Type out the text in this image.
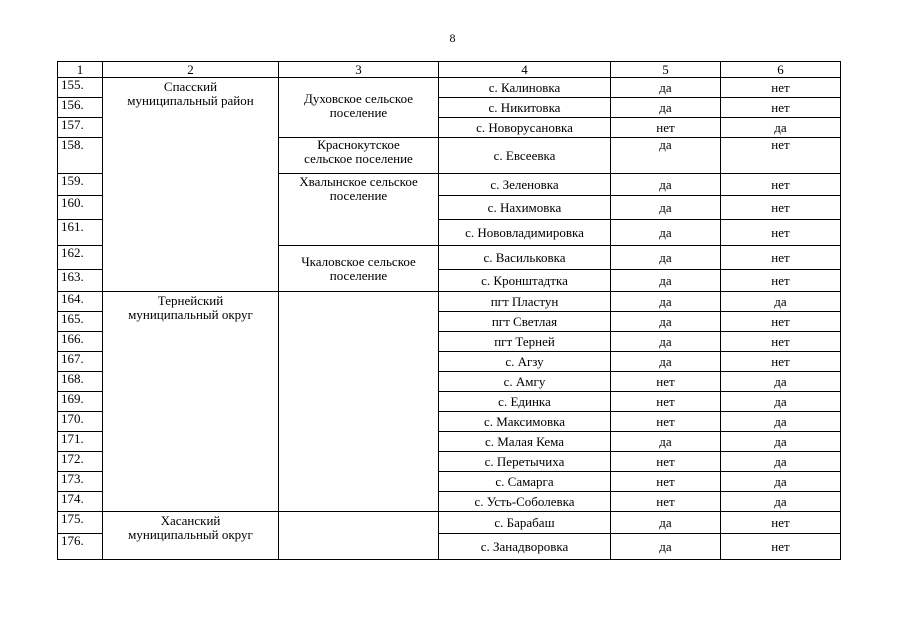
8
1	2	3	4	5	6
155.	Спасский муниципальный район	Духовское сельское поселение	с. Калиновка	да	нет
156.			с. Никитовка	да	нет
157.			с. Новорусановка	нет	да
158.		Краснокутское сельское поселение	с. Евсеевка	да	нет
159.		Хвалынское сельское поселение	с. Зеленовка	да	нет
160.			с. Нахимовка	да	нет
161.			с. Нововладимировка	да	нет
162.		Чкаловское сельское поселение	с. Васильковка	да	нет
163.			с. Кронштадтка	да	нет
164.	Тернейский муниципальный округ		пгт Пластун	да	да
165.			пгт Светлая	да	нет
166.			пгт Терней	да	нет
167.			с. Агзу	да	нет
168.			с. Амгу	нет	да
169.			с. Единка	нет	да
170.			с. Максимовка	нет	да
171.			с. Малая Кема	да	да
172.			с. Перетычиха	нет	да
173.			с. Самарга	нет	да
174.			с. Усть-Соболевка	нет	да
175.	Хасанский муниципальный округ		с. Барабаш	да	нет
176.			с. Занадворовка	да	нет
